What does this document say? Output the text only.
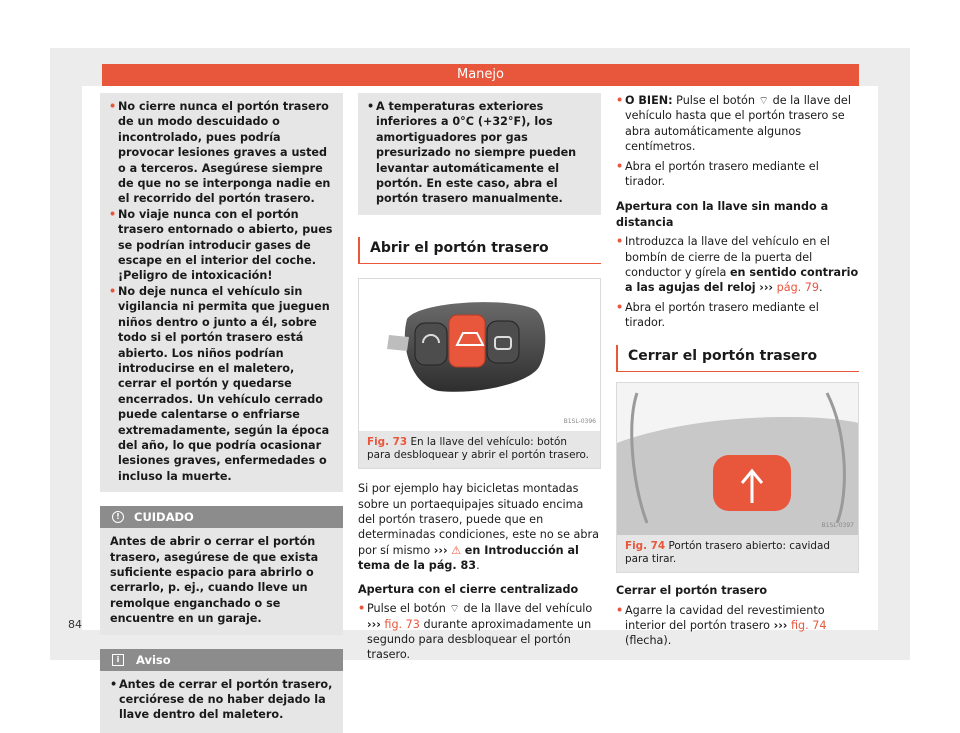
Manejo
• No cierre nunca el portón trasero de un modo descuidado o incontrolado, pues podría provocar lesiones graves a usted o a terceros. Asegúrese siempre de que no se interponga nadie en el recorrido del portón trasero.
• No viaje nunca con el portón trasero entornado o abierto, pues se podrían introducir gases de escape en el interior del coche. ¡Peligro de intoxicación!
• No deje nunca el vehículo sin vigilancia ni permita que jueguen niños dentro o junto a él, sobre todo si el portón trasero está abierto. Los niños podrían introducirse en el maletero, cerrar el portón y quedarse encerrados. Un vehículo cerrado puede calentarse o enfriarse extremadamente, según la época del año, lo que podría ocasionar lesiones graves, enfermedades o incluso la muerte.
!	CUIDADO
Antes de abrir o cerrar el portón trasero, asegúrese de que exista suficiente espacio para abrirlo o cerrarlo, p. ej., cuando lleve un remolque enganchado o se encuentre en un garaje.
i	Aviso
• Antes de cerrar el portón trasero, cerciórese de no haber dejado la llave dentro del maletero.
• A temperaturas exteriores inferiores a 0°C (+32°F), los amortiguadores por gas presurizado no siempre pueden levantar automáticamente el portón. En este caso, abra el portón trasero manualmente.
Abrir el portón trasero
B1SL-0396
Fig. 73 En la llave del vehículo: botón para desbloquear y abrir el portón trasero.

Si por ejemplo hay bicicletas montadas sobre un portaequipajes situado encima del portón trasero, puede que en determinadas condiciones, este no se abra por sí mismo ››› ⚠ en Introducción al tema de la pág. 83.

Apertura con el cierre centralizado
• Pulse el botón ⌔ de la llave del vehículo ››› fig. 73 durante aproximadamente un segundo para desbloquear el portón trasero.
• O BIEN: Pulse el botón ⌔ de la llave del vehículo hasta que el portón trasero se abra automáticamente algunos centímetros.
• Abra el portón trasero mediante el tirador.
Apertura con la llave sin mando a distancia
• Introduzca la llave del vehículo en el bombín de cierre de la puerta del conductor y gírela en sentido contrario a las agujas del reloj ››› pág. 79.
• Abra el portón trasero mediante el tirador.
Cerrar el portón trasero
B1SL-0397
Fig. 74 Portón trasero abierto: cavidad para tirar.
Cerrar el portón trasero
• Agarre la cavidad del revestimiento interior del portón trasero ››› fig. 74 (flecha).
84
